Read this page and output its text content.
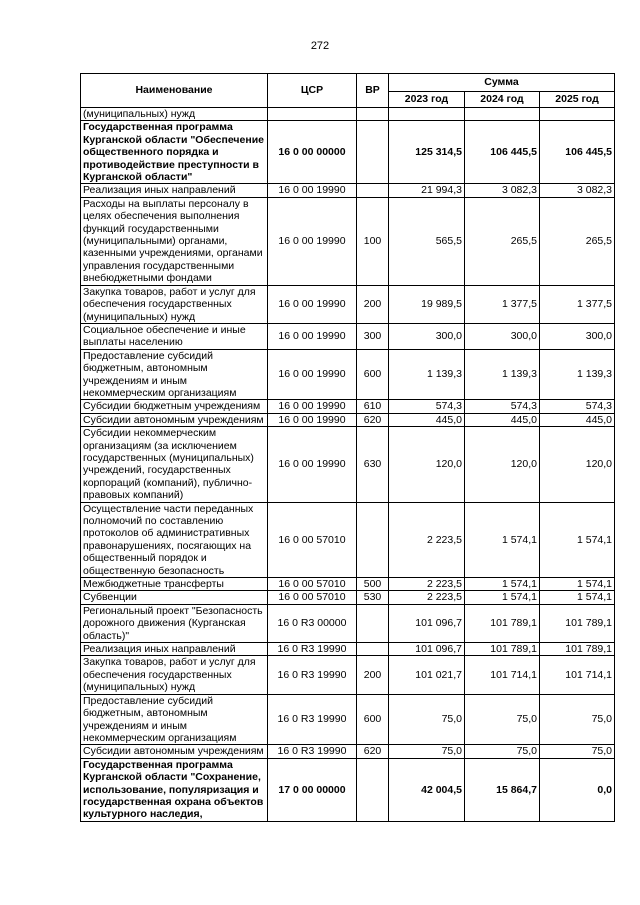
272
Наименование	ЦСР	ВР	Сумма		
			2023 год	2024 год	2025 год
(муниципальных) нужд					
Государственная программа Курганской области "Обеспечение общественного порядка и противодействие преступности в Курганской области"	16 0 00 00000		125 314,5	106 445,5	106 445,5
Реализация иных направлений	16 0 00 19990		21 994,3	3 082,3	3 082,3
Расходы на выплаты персоналу в целях обеспечения выполнения функций государственными (муниципальными) органами, казенными учреждениями, органами управления государственными внебюджетными фондами	16 0 00 19990	100	565,5	265,5	265,5
Закупка товаров, работ и услуг для обеспечения государственных (муниципальных) нужд	16 0 00 19990	200	19 989,5	1 377,5	1 377,5
Социальное обеспечение и иные выплаты населению	16 0 00 19990	300	300,0	300,0	300,0
Предоставление субсидий бюджетным, автономным учреждениям и иным некоммерческим организациям	16 0 00 19990	600	1 139,3	1 139,3	1 139,3
Субсидии бюджетным учреждениям	16 0 00 19990	610	574,3	574,3	574,3
Субсидии автономным учреждениям	16 0 00 19990	620	445,0	445,0	445,0
Субсидии некоммерческим организациям (за исключением государственных (муниципальных) учреждений, государственных корпораций (компаний), публично-правовых компаний)	16 0 00 19990	630	120,0	120,0	120,0
Осуществление части переданных полномочий по составлению протоколов об административных правонарушениях, посягающих на общественный порядок и общественную безопасность	16 0 00 57010		2 223,5	1 574,1	1 574,1
Межбюджетные трансферты	16 0 00 57010	500	2 223,5	1 574,1	1 574,1
Субвенции	16 0 00 57010	530	2 223,5	1 574,1	1 574,1
Региональный проект "Безопасность дорожного движения (Курганская область)"	16 0 R3 00000		101 096,7	101 789,1	101 789,1
Реализация иных направлений	16 0 R3 19990		101 096,7	101 789,1	101 789,1
Закупка товаров, работ и услуг для обеспечения государственных (муниципальных) нужд	16 0 R3 19990	200	101 021,7	101 714,1	101 714,1
Предоставление субсидий бюджетным, автономным учреждениям и иным некоммерческим организациям	16 0 R3 19990	600	75,0	75,0	75,0
Субсидии автономным учреждениям	16 0 R3 19990	620	75,0	75,0	75,0
Государственная программа Курганской области "Сохранение, использование, популяризация и государственная охрана объектов культурного наследия,	17 0 00 00000		42 004,5	15 864,7	0,0
